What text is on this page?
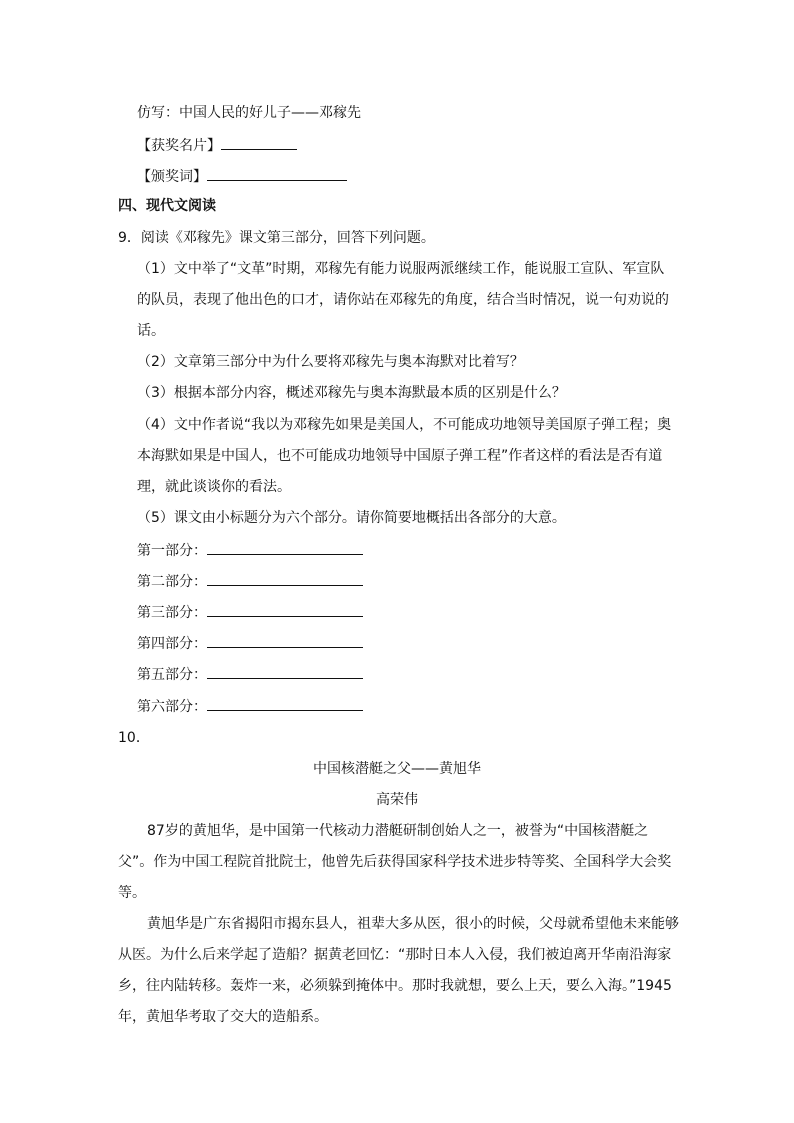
仿写：中国人民的好儿子——邓稼先
【获奖名片】
【颁奖词】
四、现代文阅读
9．阅读《邓稼先》课文第三部分，回答下列问题。
（1）文中举了“文革”时期，邓稼先有能力说服两派继续工作，能说服工宣队、军宣队
的队员，表现了他出色的口才，请你站在邓稼先的角度，结合当时情况，说一句劝说的
话。
（2）文章第三部分中为什么要将邓稼先与奥本海默对比着写？
（3）根据本部分内容，概述邓稼先与奥本海默最本质的区别是什么？
（4）文中作者说“我以为邓稼先如果是美国人，不可能成功地领导美国原子弹工程；奥
本海默如果是中国人，也不可能成功地领导中国原子弹工程”作者这样的看法是否有道
理，就此谈谈你的看法。
（5）课文由小标题分为六个部分。请你简要地概括出各部分的大意。
第一部分：
第二部分：
第三部分：
第四部分：
第五部分：
第六部分：
10．
中国核潜艇之父——黄旭华
高荣伟
87岁的黄旭华，是中国第一代核动力潜艇研制创始人之一，被誉为“中国核潜艇之
父”。作为中国工程院首批院士，他曾先后获得国家科学技术进步特等奖、全国科学大会奖
等。
黄旭华是广东省揭阳市揭东县人，祖辈大多从医，很小的时候，父母就希望他未来能够
从医。为什么后来学起了造船？据黄老回忆：“那时日本人入侵，我们被迫离开华南沿海家
乡，往内陆转移。轰炸一来，必须躲到掩体中。那时我就想，要么上天，要么入海。”1945
年，黄旭华考取了交大的造船系。
